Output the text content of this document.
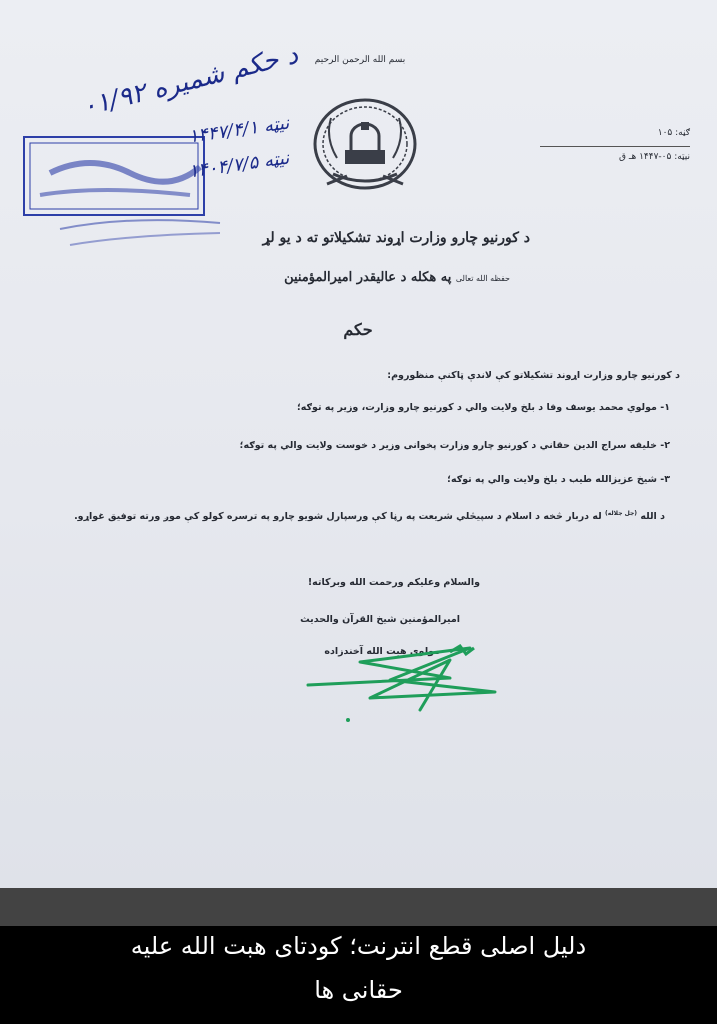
بسم الله الرحمن الرحیم
ګڼه: ۱۰۵
نیټه: ۰۵-۱۴۴۷ هـ ق
د حکم شمیره ۰۱/۹۲
نیټه ۱۴۴۷/۴/۱
نیټه ۱۴۰۴/۷/۵
د کورنیو چارو وزارت اړوند تشکیلاتو ته د یو لړ
حفظه الله تعالی په هکله د عالیقدر امیرالمؤمنین
حکم
د کورنیو چارو وزارت اړوند تشکیلاتو کې لاندې ټاکنې منظوروم:
۱- مولوي محمد یوسف وفا د بلخ ولایت والي د کورنیو چارو وزارت، وزیر په توګه؛
۲- خلیفه سراج الدین حقاني د کورنیو چارو وزارت پخوانی وزیر د خوست ولایت والي په توګه؛
۳- شیخ عزیزالله طیب د بلخ ولایت والي په توګه؛
د الله $^{(جل جلاله)}$ له دربار څخه د اسلام د سپیڅلي شریعت په رڼا کې ورسپارل شویو چارو په ترسره کولو کې موږ ورته توفیق غواړو.
والسلام وعلیکم ورحمت الله وبرکاته!
امیرالمؤمنین شیخ القرآن والحدیث
مولوی هبت الله آخندزاده
دلیل اصلی قطع انترنت؛ کودتای هبت الله علیه
حقانی ها
